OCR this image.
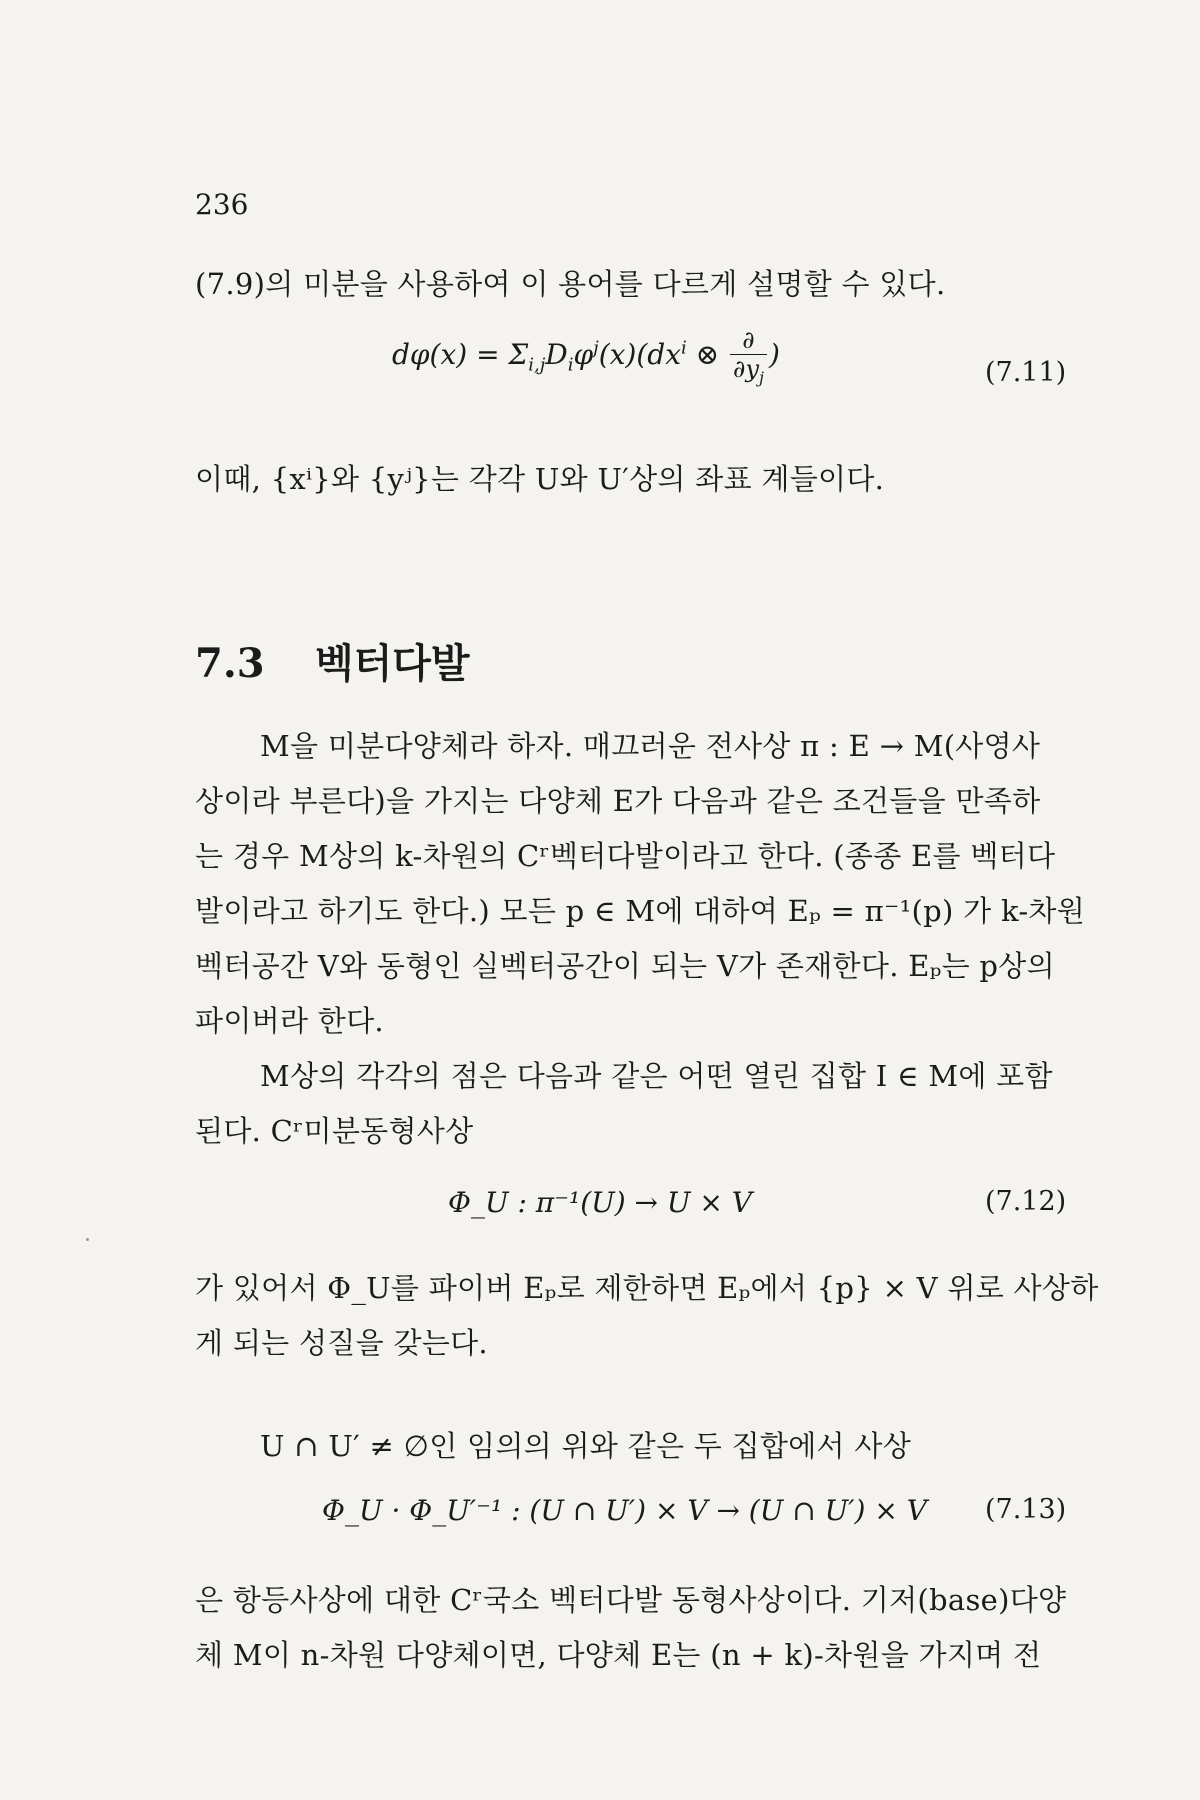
236
(7.9)의 미분을 사용하여 이 용어를 다르게 설명할 수 있다.
$d\varphi(x) = \Sigma_{i,j}D_i\varphi^j(x)(dx^i$ ⊗ $\frac{\partial}{\partial y_j}$ )
(7.11)
이때, {xⁱ}와 {yʲ}는 각각 U와 U′상의 좌표 계들이다.
7.3 벡터다발
M을 미분다양체라 하자. 매끄러운 전사상 π : E → M(사영사
상이라 부른다)을 가지는 다양체 E가 다음과 같은 조건들을 만족하
는 경우 M상의 k-차원의 Cʳ벡터다발이라고 한다. (종종 E를 벡터다
발이라고 하기도 한다.) 모든 p ∈ M에 대하여 Eₚ = π⁻¹(p) 가 k-차원
벡터공간 V와 동형인 실벡터공간이 되는 V가 존재한다. Eₚ는 p상의
파이버라 한다.
M상의 각각의 점은 다음과 같은 어떤 열린 집합 I ∈ M에 포함
된다. Cʳ미분동형사상
Φ_U : π⁻¹(U) → U × V	(7.12)
가 있어서 Φ_U를 파이버 Eₚ로 제한하면 Eₚ에서 {p} × V 위로 사상하
게 되는 성질을 갖는다.
U ∩ U′ ≠ ∅인 임의의 위와 같은 두 집합에서 사상
Φ_U · Φ_U′⁻¹ : (U ∩ U′) × V → (U ∩ U′) × V (7.13)
은 항등사상에 대한 Cʳ국소 벡터다발 동형사상이다. 기저(base)다양
체 M이 n-차원 다양체이면, 다양체 E는 (n + k)-차원을 가지며 전
